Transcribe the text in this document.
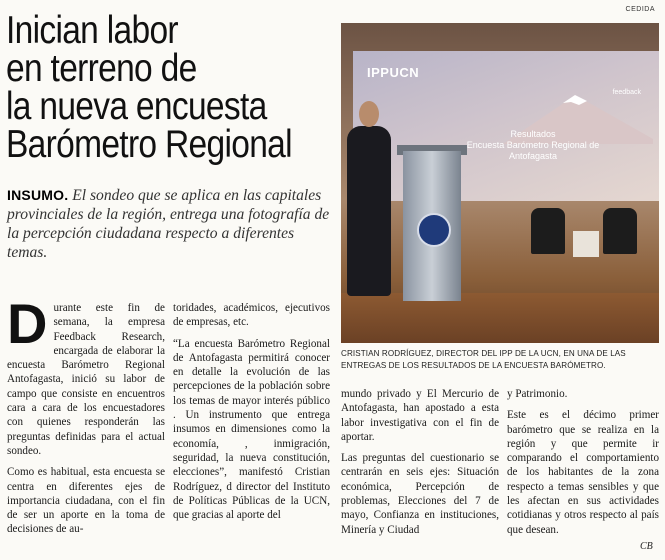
CEDIDA
Inician labor
en terreno de
la nueva encuesta
Barómetro Regional
INSUMO. El sondeo que se aplica en las capitales provinciales de la región, entrega una fotografía de la percepción ciudadana respecto a diferentes temas.
IPPUCN
feedback
Resultados
Encuesta Barómetro Regional de
Antofagasta
CRISTIAN RODRÍGUEZ, DIRECTOR DEL IPP DE LA UCN, EN UNA DE LAS ENTREGAS DE LOS RESULTADOS DE LA ENCUESTA BARÓMETRO.

Durante este fin de semana, la empresa Feedback Research, encargada de elaborar la encuesta Barómetro Regional Antofagasta, inició su labor de campo que consiste en encuentros cara a cara de los encuestadores con quienes responderán las preguntas definidas para el actual sondeo.

Como es habitual, esta encuesta se centra en diferentes ejes de importancia ciudadana, con el fin de ser un aporte en la toma de decisiones de au-

toridades, académicos, ejecutivos de empresas, etc.

“La encuesta Barómetro Regional de Antofagasta permitirá conocer en detalle la evolución de las percepciones de la población sobre los temas de mayor interés público . Un instrumento que entrega insumos en dimensiones como la economía, , inmigración, seguridad, la nueva constitución, elecciones”, manifestó Cristian Rodríguez, d director del Instituto de Políticas Públicas de la UCN, que gracias al aporte del

mundo privado y El Mercurio de Antofagasta, han apostado a esta labor investigativa con el fin de aportar.

Las preguntas del cuestionario se centrarán en seis ejes: Situación económica, Percepción de problemas, Elecciones del 7 de mayo, Confianza en instituciones, Minería y Ciudad

y Patrimonio.

Este es el décimo primer barómetro que se realiza en la región y que permite ir comparando el comportamiento de los habitantes de la zona respecto a temas sensibles y que les afectan en sus actividades cotidianas y otros respecto al país que desean.

CB
